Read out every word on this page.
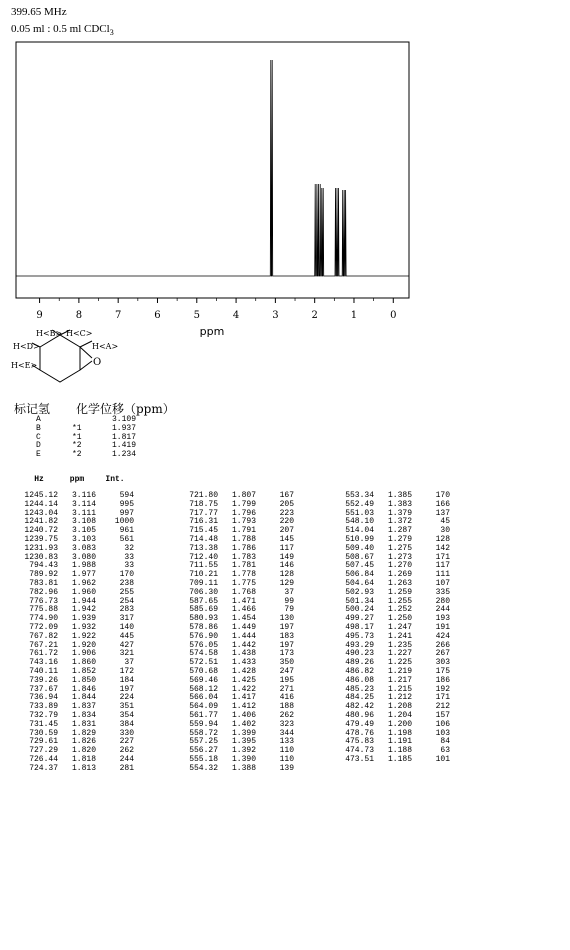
399.65 MHz
0.05 ml : 0.5 ml CDCl$_3$
9	8	7	6	5	4	3	2	1	0
ppm
H<B> H<C>
H<D>	H<A>
H<E>	O
标记氢 化学位移（ppm）
A		3.109
B	*1	1.937
C	*1	1.817
D	*2	1.419
E	*2	1.234
Hz	ppm	Int.
1245.12	3.116	594
1244.14	3.114	995
1243.04	3.111	997
1241.82	3.108	1000
1240.72	3.105	961
1239.75	3.103	561
1231.93	3.083	32
1230.83	3.080	33
794.43	1.988	33
789.92	1.977	170
783.81	1.962	238
782.96	1.960	255
776.73	1.944	254
775.88	1.942	283
774.90	1.939	317
772.09	1.932	140
767.82	1.922	445
767.21	1.920	427
761.72	1.906	321
743.16	1.860	37
740.11	1.852	172
739.26	1.850	184
737.67	1.846	197
736.94	1.844	224
733.89	1.837	351
732.79	1.834	354
731.45	1.831	384
730.59	1.829	330
729.61	1.826	227
727.29	1.820	262
726.44	1.818	244
724.37	1.813	281

721.80	1.807	167
718.75	1.799	205
717.77	1.796	223
716.31	1.793	220
715.45	1.791	207
714.48	1.788	145
713.38	1.786	117
712.40	1.783	149
711.55	1.781	146
710.21	1.778	128
709.11	1.775	129
706.30	1.768	37
587.65	1.471	99
585.69	1.466	79
580.93	1.454	130
578.86	1.449	197
576.90	1.444	183
576.05	1.442	197
574.58	1.438	173
572.51	1.433	350
570.68	1.428	247
569.46	1.425	195
568.12	1.422	271
566.04	1.417	416
564.09	1.412	188
561.77	1.406	262
559.94	1.402	323
558.72	1.399	344
557.25	1.395	133
556.27	1.392	110
555.18	1.390	110
554.32	1.388	139

553.34	1.385	170
552.49	1.383	166
551.03	1.379	137
548.10	1.372	45
514.04	1.287	30
510.99	1.279	128
509.40	1.275	142
508.67	1.273	171
507.45	1.270	117
506.84	1.269	111
504.64	1.263	107
502.93	1.259	335
501.34	1.255	280
500.24	1.252	244
499.27	1.250	193
498.17	1.247	191
495.73	1.241	424
493.29	1.235	266
490.23	1.227	267
489.26	1.225	303
486.82	1.219	175
486.08	1.217	186
485.23	1.215	192
484.25	1.212	171
482.42	1.208	212
480.96	1.204	157
479.49	1.200	106
478.76	1.198	103
475.83	1.191	84
474.73	1.188	63
473.51	1.185	101
